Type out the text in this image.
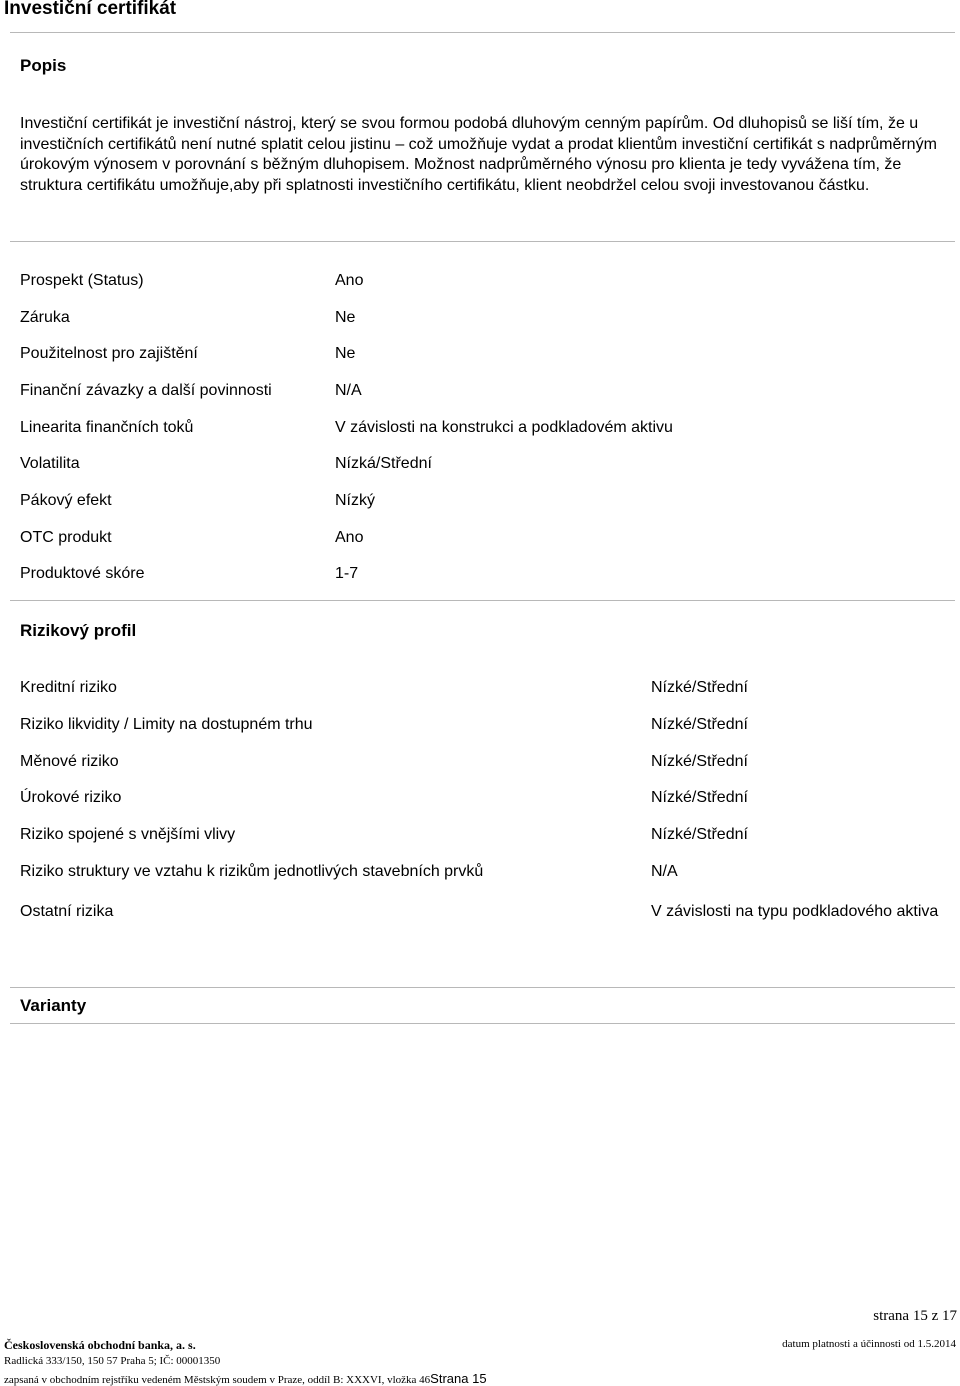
Investiční certifikát
Popis
Investiční certifikát je investiční nástroj, který se svou formou podobá dluhovým cenným papírům. Od dluhopisů se liší tím, že u investičních certifikátů není nutné splatit celou jistinu – což umožňuje vydat a prodat klientům investiční certifikát s nadprůměrným úrokovým výnosem v porovnání s běžným dluhopisem. Možnost nadprůměrného výnosu pro klienta je tedy vyvážena tím, že struktura certifikátu umožňuje,aby při splatnosti investičního certifikátu, klient neobdržel celou svoji investovanou částku.
Prospekt (Status)	Ano
Záruka	Ne
Použitelnost pro zajištění	Ne
Finanční závazky a další povinnosti	N/A
Linearita finančních toků	V závislosti na konstrukci a podkladovém aktivu
Volatilita	Nízká/Střední
Pákový efekt	Nízký
OTC produkt	Ano
Produktové skóre	1-7
Rizikový profil
Kreditní riziko	Nízké/Střední
Riziko likvidity / Limity na dostupném trhu	Nízké/Střední
Měnové riziko	Nízké/Střední
Úrokové riziko	Nízké/Střední
Riziko spojené s vnějšími vlivy	Nízké/Střední
Riziko struktury ve vztahu k rizikům jednotlivých stavebních prvků	N/A
Ostatní rizika	V závislosti na typu podkladového aktiva
Varianty
strana 15 z 17
Československá obchodní banka, a. s.	datum platnosti a účinnosti od 1.5.2014
Radlická 333/150, 150 57 Praha 5; IČ: 00001350
zapsaná v obchodním rejstříku vedeném Městským soudem v Praze, oddíl B: XXXVI, vložka 46Strana 15
